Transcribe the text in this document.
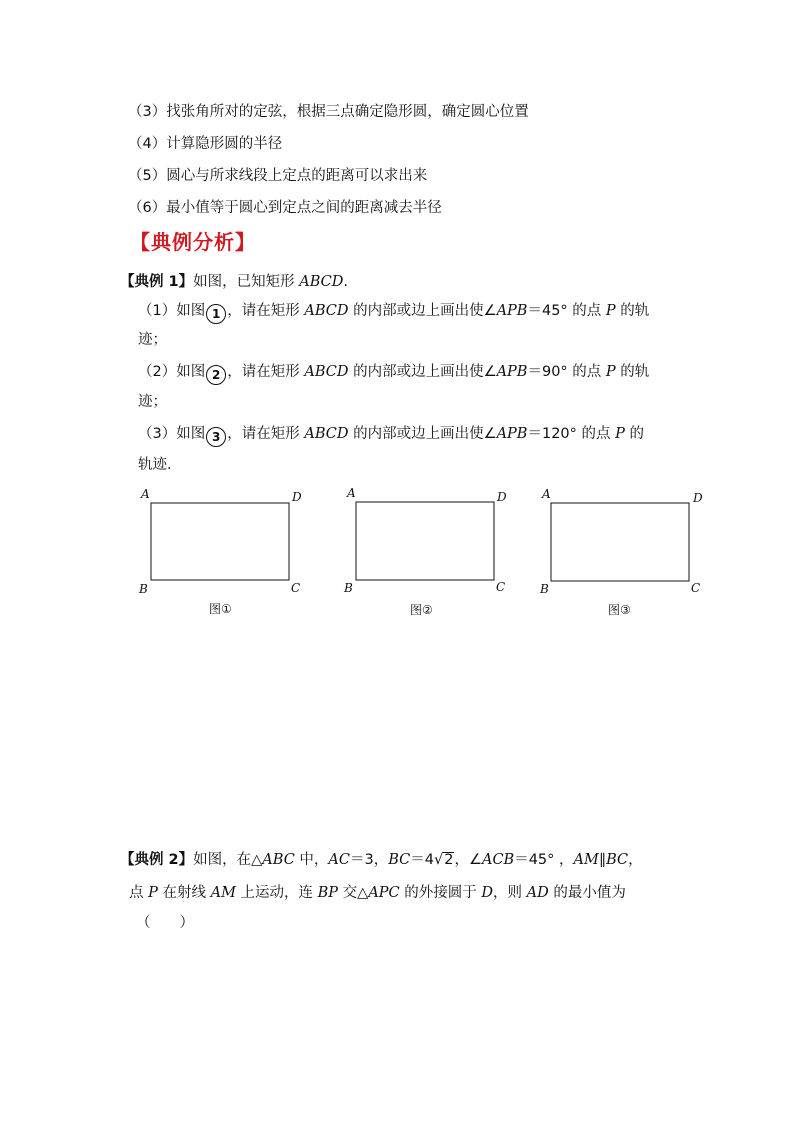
（3）找张角所对的定弦，根据三点确定隐形圆，确定圆心位置
（4）计算隐形圆的半径
（5）圆心与所求线段上定点的距离可以求出来
（6）最小值等于圆心到定点之间的距离减去半径
【典例分析】
【典例 1】如图，已知矩形 ABCD.
（1）如图 1 ，请在矩形 ABCD 的内部或边上画出使∠APB＝45° 的点 P 的轨
迹；
（2）如图 2 ，请在矩形 ABCD 的内部或边上画出使∠APB＝90° 的点 P 的轨
迹；
（3）如图 3 ，请在矩形 ABCD 的内部或边上画出使∠APB＝120° 的点 P 的
轨迹.
A	D
B	C
图①
A	D
B	C
图②
A	D
B	C
图③
【典例 2】如图，在△ABC 中，AC＝3，BC＝4√2，∠ACB＝45° ，AM∥BC，
点 P 在射线 AM 上运动，连 BP 交△APC 的外接圆于 D，则 AD 的最小值为
（　　）
